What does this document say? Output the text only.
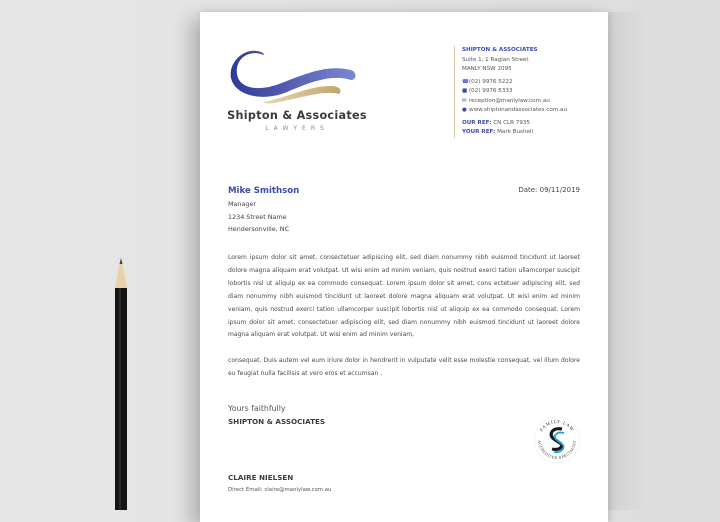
Shipton & Associates
LAWYERS
SHIPTON & ASSOCIATES
Suite 1, 1 Raglan Street
MANLY NSW 2095
☎(02) 9976 5222
■ (02) 9976 5333
✉ reception@manlylaw.com.au
● www.shiptonandassociates.com.au
OUR REF: CN CLR 7935
YOUR REF: Mark Bushell
Mike Smithson
Manager
1234 Street Name
Hendersonville, NC
Date: 09/11/2019

Lorem ipsum dolor sit amet, consectetuer adipiscing elit, sed diam nonummy nibh euismod tincidunt ut laoreet dolore magna aliquam erat volutpat. Ut wisi enim ad minim veniam, quis nostrud exerci tation ullamcorper suscipit lobortis nisl ut aliquip ex ea commodo consequat. Lorem ipsum dolor sit amet, cons ectetuer adipiscing elit, sed diam nonummy nibh euismod tincidunt ut laoreet dolore magna aliquam erat volutpat. Ut wisi enim ad minim veniam, quis nostrud exerci tation ullamcorper suscipit lobortis nisl ut aliquip ex ea commodo consequat. Lorem ipsum dolor sit amet, consectetuer adipiscing elit, sed diam nonummy nibh euismod tincidunt ut laoreet dolore magna aliquam erat volutpat. Ut wisi enim ad minim veniam,

consequat. Duis autem vel eum iriure dolor in hendrerit in vulputate velit esse molestie consequat, vel illum dolore eu feugiat nulla facilisis at vero eros et accumsan .

Yours faithfully
SHIPTON & ASSOCIATES
CLAIRE NIELSEN
Direct Email: claire@manlylaw.com.au
FAMILY LAW
ACCREDITED SPECIALIST
